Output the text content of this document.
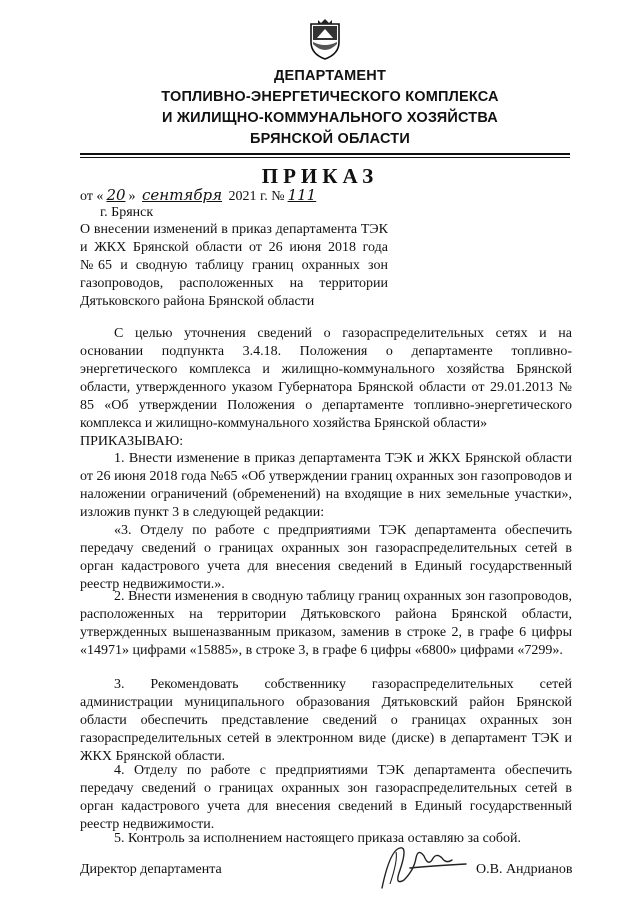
ДЕПАРТАМЕНТ
ТОПЛИВНО-ЭНЕРГЕТИЧЕСКОГО КОМПЛЕКСА
И ЖИЛИЩНО-КОММУНАЛЬНОГО ХОЗЯЙСТВА
БРЯНСКОЙ ОБЛАСТИ
ПРИКАЗ
от « 20 » сентября 2021 г. № 111
г. Брянск
О внесении изменений в приказ департамента ТЭК и ЖКХ Брянской области от 26 июня 2018 года №65 и сводную таблицу границ охранных зон газопроводов, расположенных на территории Дятьковского района Брянской области

С целью уточнения сведений о газораспределительных сетях и на основании подпункта 3.4.18. Положения о департаменте топливно-энергетического комплекса и жилищно-коммунального хозяйства Брянской области, утвержденного указом Губернатора Брянской области от 29.01.2013 № 85 «Об утверждении Положения о департаменте топливно-энергетического комплекса и жилищно-коммунального хозяйства Брянской области»

ПРИКАЗЫВАЮ:

1. Внести изменение в приказ департамента ТЭК и ЖКХ Брянской области от 26 июня 2018 года №65 «Об утверждении границ охранных зон газопроводов и наложении ограничений (обременений) на входящие в них земельные участки», изложив пункт 3 в следующей редакции:

«3. Отделу по работе с предприятиями ТЭК департамента обеспечить передачу сведений о границах охранных зон газораспределительных сетей в орган кадастрового учета для внесения сведений в Единый государственный реестр недвижимости.».

2. Внести изменения в сводную таблицу границ охранных зон газопроводов, расположенных на территории Дятьковского района Брянской области, утвержденных вышеназванным приказом, заменив в строке 2, в графе 6 цифры «14971» цифрами «15885», в строке 3, в графе 6 цифры «6800» цифрами «7299».

3. Рекомендовать собственнику газораспределительных сетей администрации муниципального образования Дятьковский район Брянской области обеспечить представление сведений о границах охранных зон газораспределительных сетей в электронном виде (диске) в департамент ТЭК и ЖКХ Брянской области.

4. Отделу по работе с предприятиями ТЭК департамента обеспечить передачу сведений о границах охранных зон газораспределительных сетей в орган кадастрового учета для внесения сведений в Единый государственный реестр недвижимости.

5. Контроль за исполнением настоящего приказа оставляю за собой.

Директор департамента	О.В. Андрианов
